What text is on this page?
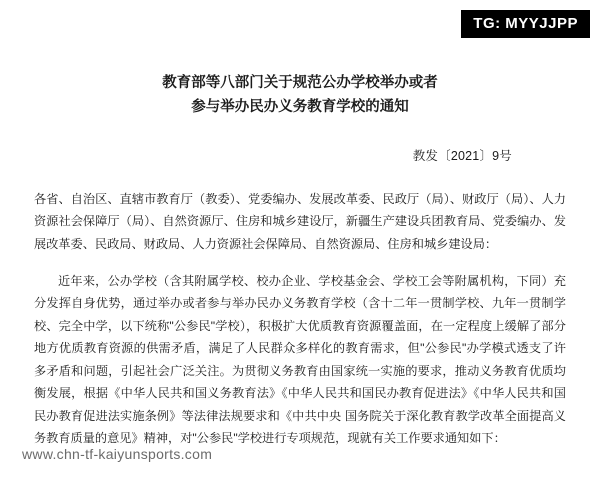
TG: MYYJJPP
教育部等八部门关于规范公办学校举办或者
参与举办民办义务教育学校的通知
教发〔2021〕9号
各省、自治区、直辖市教育厅（教委）、党委编办、发展改革委、民政厅（局）、财政厅（局）、人力资源社会保障厅（局）、自然资源厅、住房和城乡建设厅，新疆生产建设兵团教育局、党委编办、发展改革委、民政局、财政局、人力资源社会保障局、自然资源局、住房和城乡建设局：
近年来，公办学校（含其附属学校、校办企业、学校基金会、学校工会等附属机构，下同）充分发挥自身优势，通过举办或者参与举办民办义务教育学校（含十二年一贯制学校、九年一贯制学校、完全中学，以下统称"公参民"学校），积极扩大优质教育资源覆盖面，在一定程度上缓解了部分地方优质教育资源的供需矛盾，满足了人民群众多样化的教育需求，但"公参民"办学模式透支了许多矛盾和问题，引起社会广泛关注。为贯彻义务教育由国家统一实施的要求，推动义务教育优质均衡发展，根据《中华人民共和国义务教育法》《中华人民共和国民办教育促进法》《中华人民共和国民办教育促进法实施条例》等法律法规要求和《中共中央 国务院关于深化教育教学改革全面提高义务教育质量的意见》精神，对"公参民"学校进行专项规范，现就有关工作要求通知如下：
www.chn-tf-kaiyunsports.com
